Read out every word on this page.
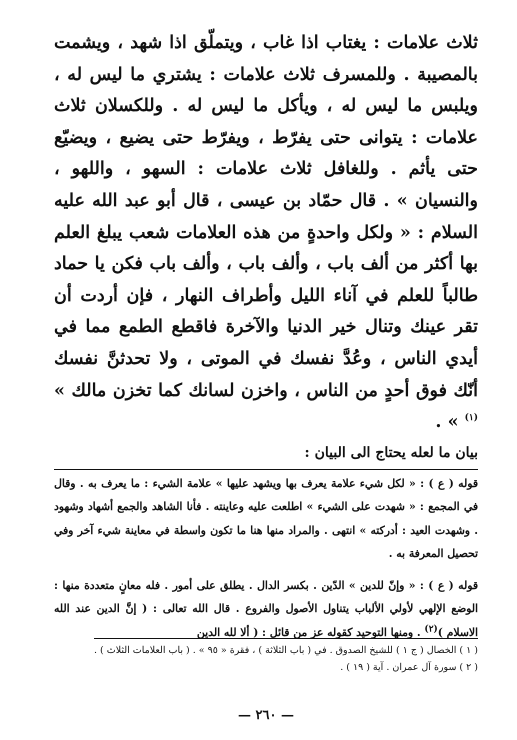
ثلاث علامات : يغتاب اذا غاب ، ويتملّق اذا شهد ، ويشمت بالمصيبة . وللمسرف ثلاث علامات : يشتري ما ليس له ، ويلبس ما ليس له ، ويأكل ما ليس له . وللكسلان ثلاث علامات : يتوانى حتى يفرّط ، ويفرّط حتى يضيع ، ويضيّع حتى يأثم . وللغافل ثلاث علامات : السهو ، واللهو ، والنسيان » . قال حمّاد بن عيسى ، قال أبو عبد الله عليه السلام : « ولكل واحدةٍ من هذه العلامات شعب يبلغ العلم بها أكثر من ألف باب ، وألف باب ، وألف باب فكن يا حماد طالباً للعلم في آناء الليل وأطراف النهار ، فإن أردت أن تقر عينك وتنال خير الدنيا والآخرة فاقطع الطمع مما في أيدي الناس ، وعُدَّ نفسك في الموتى ، ولا تحدثنَّ نفسك أنّك فوق أحدٍ من الناس ، واخزن لسانك كما تخزن مالك » $^{(١)}$ » .

بيان ما لعله يحتاج الى البيان :

قوله ( ع ) : « لكل شيء علامة يعرف بها ويشهد عليها » علامة الشيء : ما يعرف به . وقال في المجمع : « شهدت على الشيء » اطلعت عليه وعاينته . فأنا الشاهد والجمع أشهاد وشهود . وشهدت العيد : أدركته » انتهى . والمراد منها هنا ما تكون واسطة في معاينة شيء آخر وفي تحصيل المعرفة به .

قوله ( ع ) : « وإنّ للدين » الدّين . بكسر الدال . يطلق على أمور . فله معانٍ متعددة منها : الوضع الإلهي لأولي الألباب يتناول الأصول والفروع . قال الله تعالى : ( إنَّ الدين عند الله الاسلام )$^{(٢)}$ . ومنها التوحيد كقوله عز من قائل : ( ألا لله الدين

( ١ ) الخصال ( ج ١ ) للشيخ الصدوق . في ( باب الثلاثة ) ، فقرة « ٩٥ » . ( باب العلامات الثلاث ) .

( ٢ ) سورة آل عمران . آية ( ١٩ ) .

— ٢٦٠ —
